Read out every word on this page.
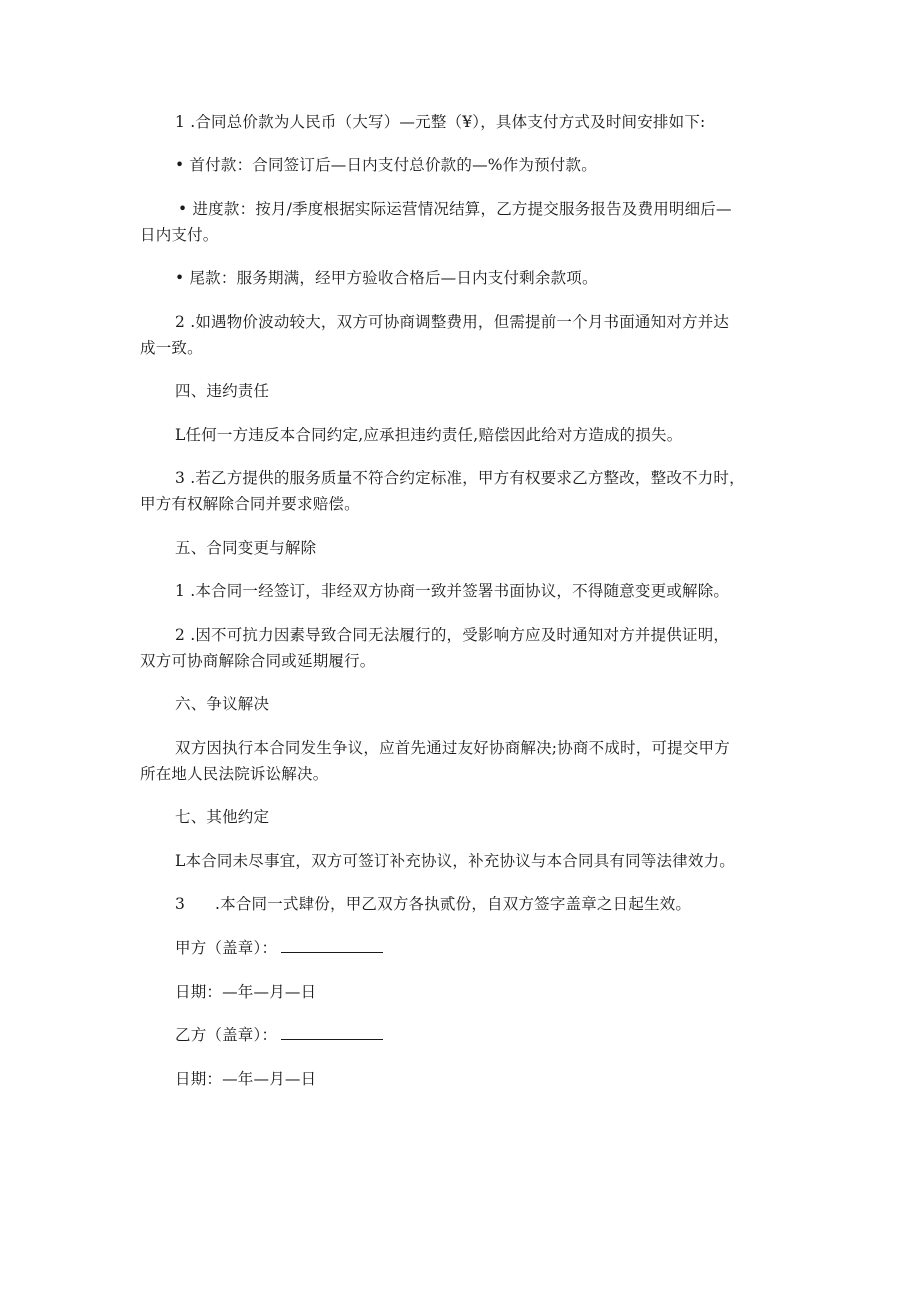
1 .合同总价款为人民币（大写）—元整（¥），具体支付方式及时间安排如下:
• 首付款：合同签订后—日内支付总价款的—%作为预付款。
• 进度款：按月/季度根据实际运营情况结算，乙方提交服务报告及费用明细后—
日内支付。
• 尾款：服务期满，经甲方验收合格后—日内支付剩余款项。
2 .如遇物价波动较大，双方可协商调整费用，但需提前一个月书面通知对方并达
成一致。
四、违约责任
L任何一方违反本合同约定,应承担违约责任,赔偿因此给对方造成的损失。
3 .若乙方提供的服务质量不符合约定标准，甲方有权要求乙方整改，整改不力时，
甲方有权解除合同并要求赔偿。
五、合同变更与解除
1 .本合同一经签订，非经双方协商一致并签署书面协议，不得随意变更或解除。
2 .因不可抗力因素导致合同无法履行的，受影响方应及时通知对方并提供证明，
双方可协商解除合同或延期履行。
六、争议解决
双方因执行本合同发生争议，应首先通过友好协商解决;协商不成时，可提交甲方
所在地人民法院诉讼解决。
七、其他约定
L本合同未尽事宜，双方可签订补充协议，补充协议与本合同具有同等法律效力。
3 .本合同一式肆份，甲乙双方各执贰份，自双方签字盖章之日起生效。
甲方（盖章）：
日期：—年—月—日
乙方（盖章）：
日期：—年—月—日
